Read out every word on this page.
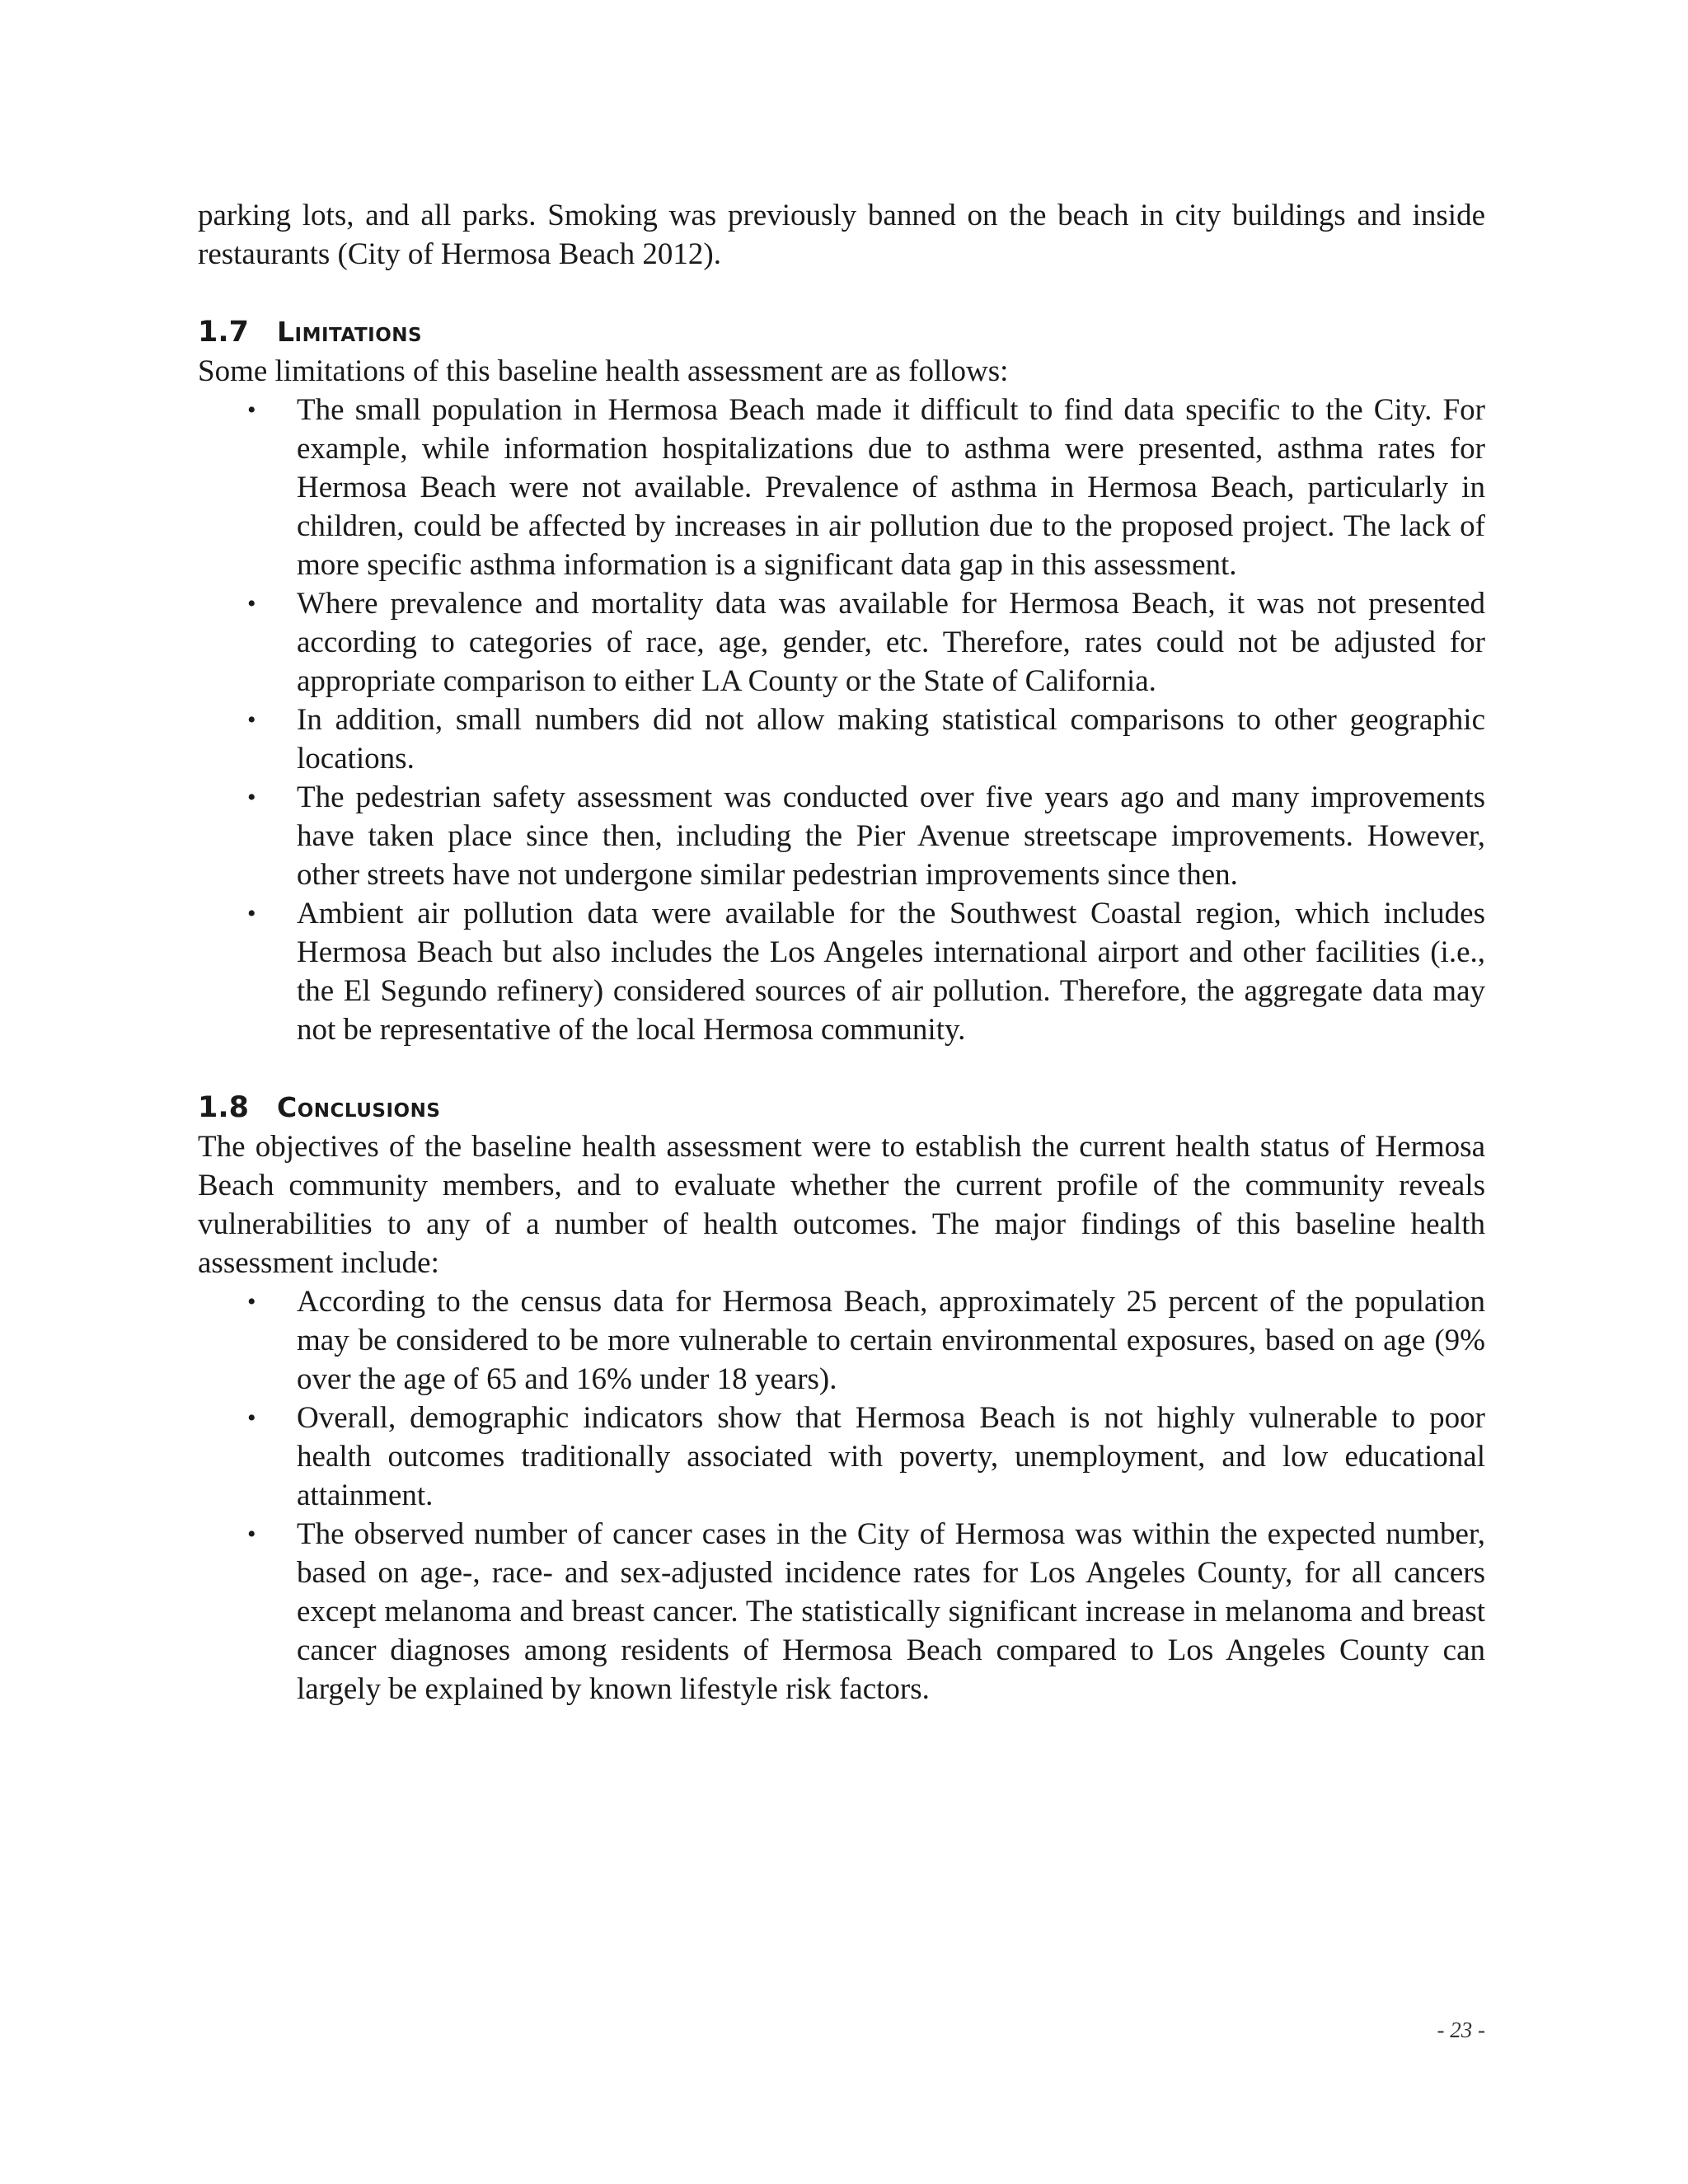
parking lots, and all parks. Smoking was previously banned on the beach in city buildings and inside restaurants (City of Hermosa Beach 2012).

1.7 Limitations

Some limitations of this baseline health assessment are as follows:

• The small population in Hermosa Beach made it difficult to find data specific to the City. For example, while information hospitalizations due to asthma were presented, asthma rates for Hermosa Beach were not available. Prevalence of asthma in Hermosa Beach, particularly in children, could be affected by increases in air pollution due to the proposed project. The lack of more specific asthma information is a significant data gap in this assessment.
• Where prevalence and mortality data was available for Hermosa Beach, it was not presented according to categories of race, age, gender, etc. Therefore, rates could not be adjusted for appropriate comparison to either LA County or the State of California.
• In addition, small numbers did not allow making statistical comparisons to other geographic locations.
• The pedestrian safety assessment was conducted over five years ago and many improvements have taken place since then, including the Pier Avenue streetscape improvements. However, other streets have not undergone similar pedestrian improvements since then.
• Ambient air pollution data were available for the Southwest Coastal region, which includes Hermosa Beach but also includes the Los Angeles international airport and other facilities (i.e., the El Segundo refinery) considered sources of air pollution. Therefore, the aggregate data may not be representative of the local Hermosa community.
1.8 Conclusions

The objectives of the baseline health assessment were to establish the current health status of Hermosa Beach community members, and to evaluate whether the current profile of the community reveals vulnerabilities to any of a number of health outcomes. The major findings of this baseline health assessment include:

• According to the census data for Hermosa Beach, approximately 25 percent of the population may be considered to be more vulnerable to certain environmental exposures, based on age (9% over the age of 65 and 16% under 18 years).
• Overall, demographic indicators show that Hermosa Beach is not highly vulnerable to poor health outcomes traditionally associated with poverty, unemployment, and low educational attainment.
• The observed number of cancer cases in the City of Hermosa was within the expected number, based on age-, race- and sex-adjusted incidence rates for Los Angeles County, for all cancers except melanoma and breast cancer. The statistically significant increase in melanoma and breast cancer diagnoses among residents of Hermosa Beach compared to Los Angeles County can largely be explained by known lifestyle risk factors.
- 23 -
